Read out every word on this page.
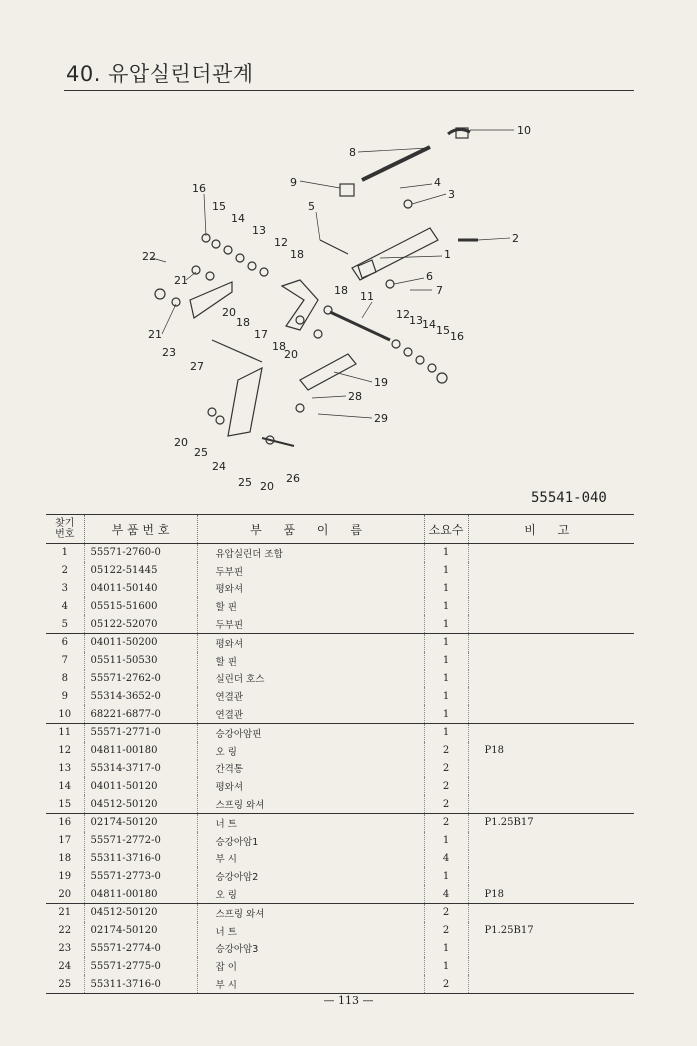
40. 유압실린더관계
10
8
9	4
3
16
15	5
14
13
2
12
18
22	1
6
21
7
18 11
20	12 13 14 15 16
18
21	17
18
23	20
27
19
28
29
20
25
24
26
25 20
55541-040
찾기
번호	부 품 번 호	부 품 이 름	소요수	비 고
1	55571-2760-0	유압실린더 조합	1	
2	05122-51445	두부핀	1	
3	04011-50140	평와셔	1	
4	05515-51600	할 핀	1	
5	05122-52070	두부핀	1	
6	04011-50200	평와셔	1	
7	05511-50530	할 핀	1	
8	55571-2762-0	실린더 호스	1	
9	55314-3652-0	연결관	1	
10	68221-6877-0	연결관	1	
11	55571-2771-0	승강아암핀	1	
12	04811-00180	오 링	2	P18
13	55314-3717-0	간격통	2	
14	04011-50120	평와셔	2	
15	04512-50120	스프링 와셔	2	
16	02174-50120	너 트	2	P1.25B17
17	55571-2772-0	승강아암1	1	
18	55311-3716-0	부 시	4	
19	55571-2773-0	승강아암2	1	
20	04811-00180	오 링	4	P18
21	04512-50120	스프링 와셔	2	
22	02174-50120	너 트	2	P1.25B17
23	55571-2774-0	승강아암3	1	
24	55571-2775-0	잡 이	1	
25	55311-3716-0	부 시	2	
— 113 —
